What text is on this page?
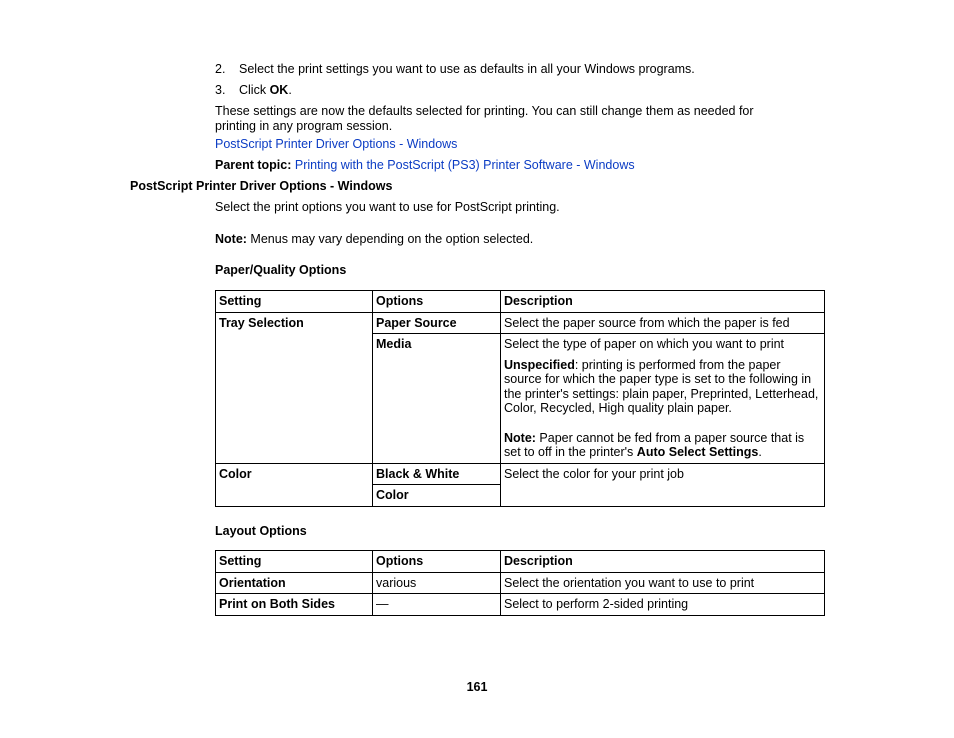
2. Select the print settings you want to use as defaults in all your Windows programs.
3. Click OK.
These settings are now the defaults selected for printing. You can still change them as needed for
printing in any program session.
PostScript Printer Driver Options - Windows
Parent topic: Printing with the PostScript (PS3) Printer Software - Windows
PostScript Printer Driver Options - Windows
Select the print options you want to use for PostScript printing.
Note: Menus may vary depending on the option selected.
Paper/Quality Options
Setting	Options	Description
Tray Selection	Paper Source	Select the paper source from which the paper is fed
	Media	Select the type of paper on which you want to print

Unspecified: printing is performed from the paper source for which the paper type is set to the following in the printer's settings: plain paper, Preprinted, Letterhead, Color, Recycled, High quality plain paper.

Note: Paper cannot be fed from a paper source that is set to off in the printer's Auto Select Settings.

Color	Black & White	Select the color for your print job
	Color	
Layout Options
Setting	Options	Description
Orientation	various	Select the orientation you want to use to print
Print on Both Sides	—	Select to perform 2-sided printing
161
